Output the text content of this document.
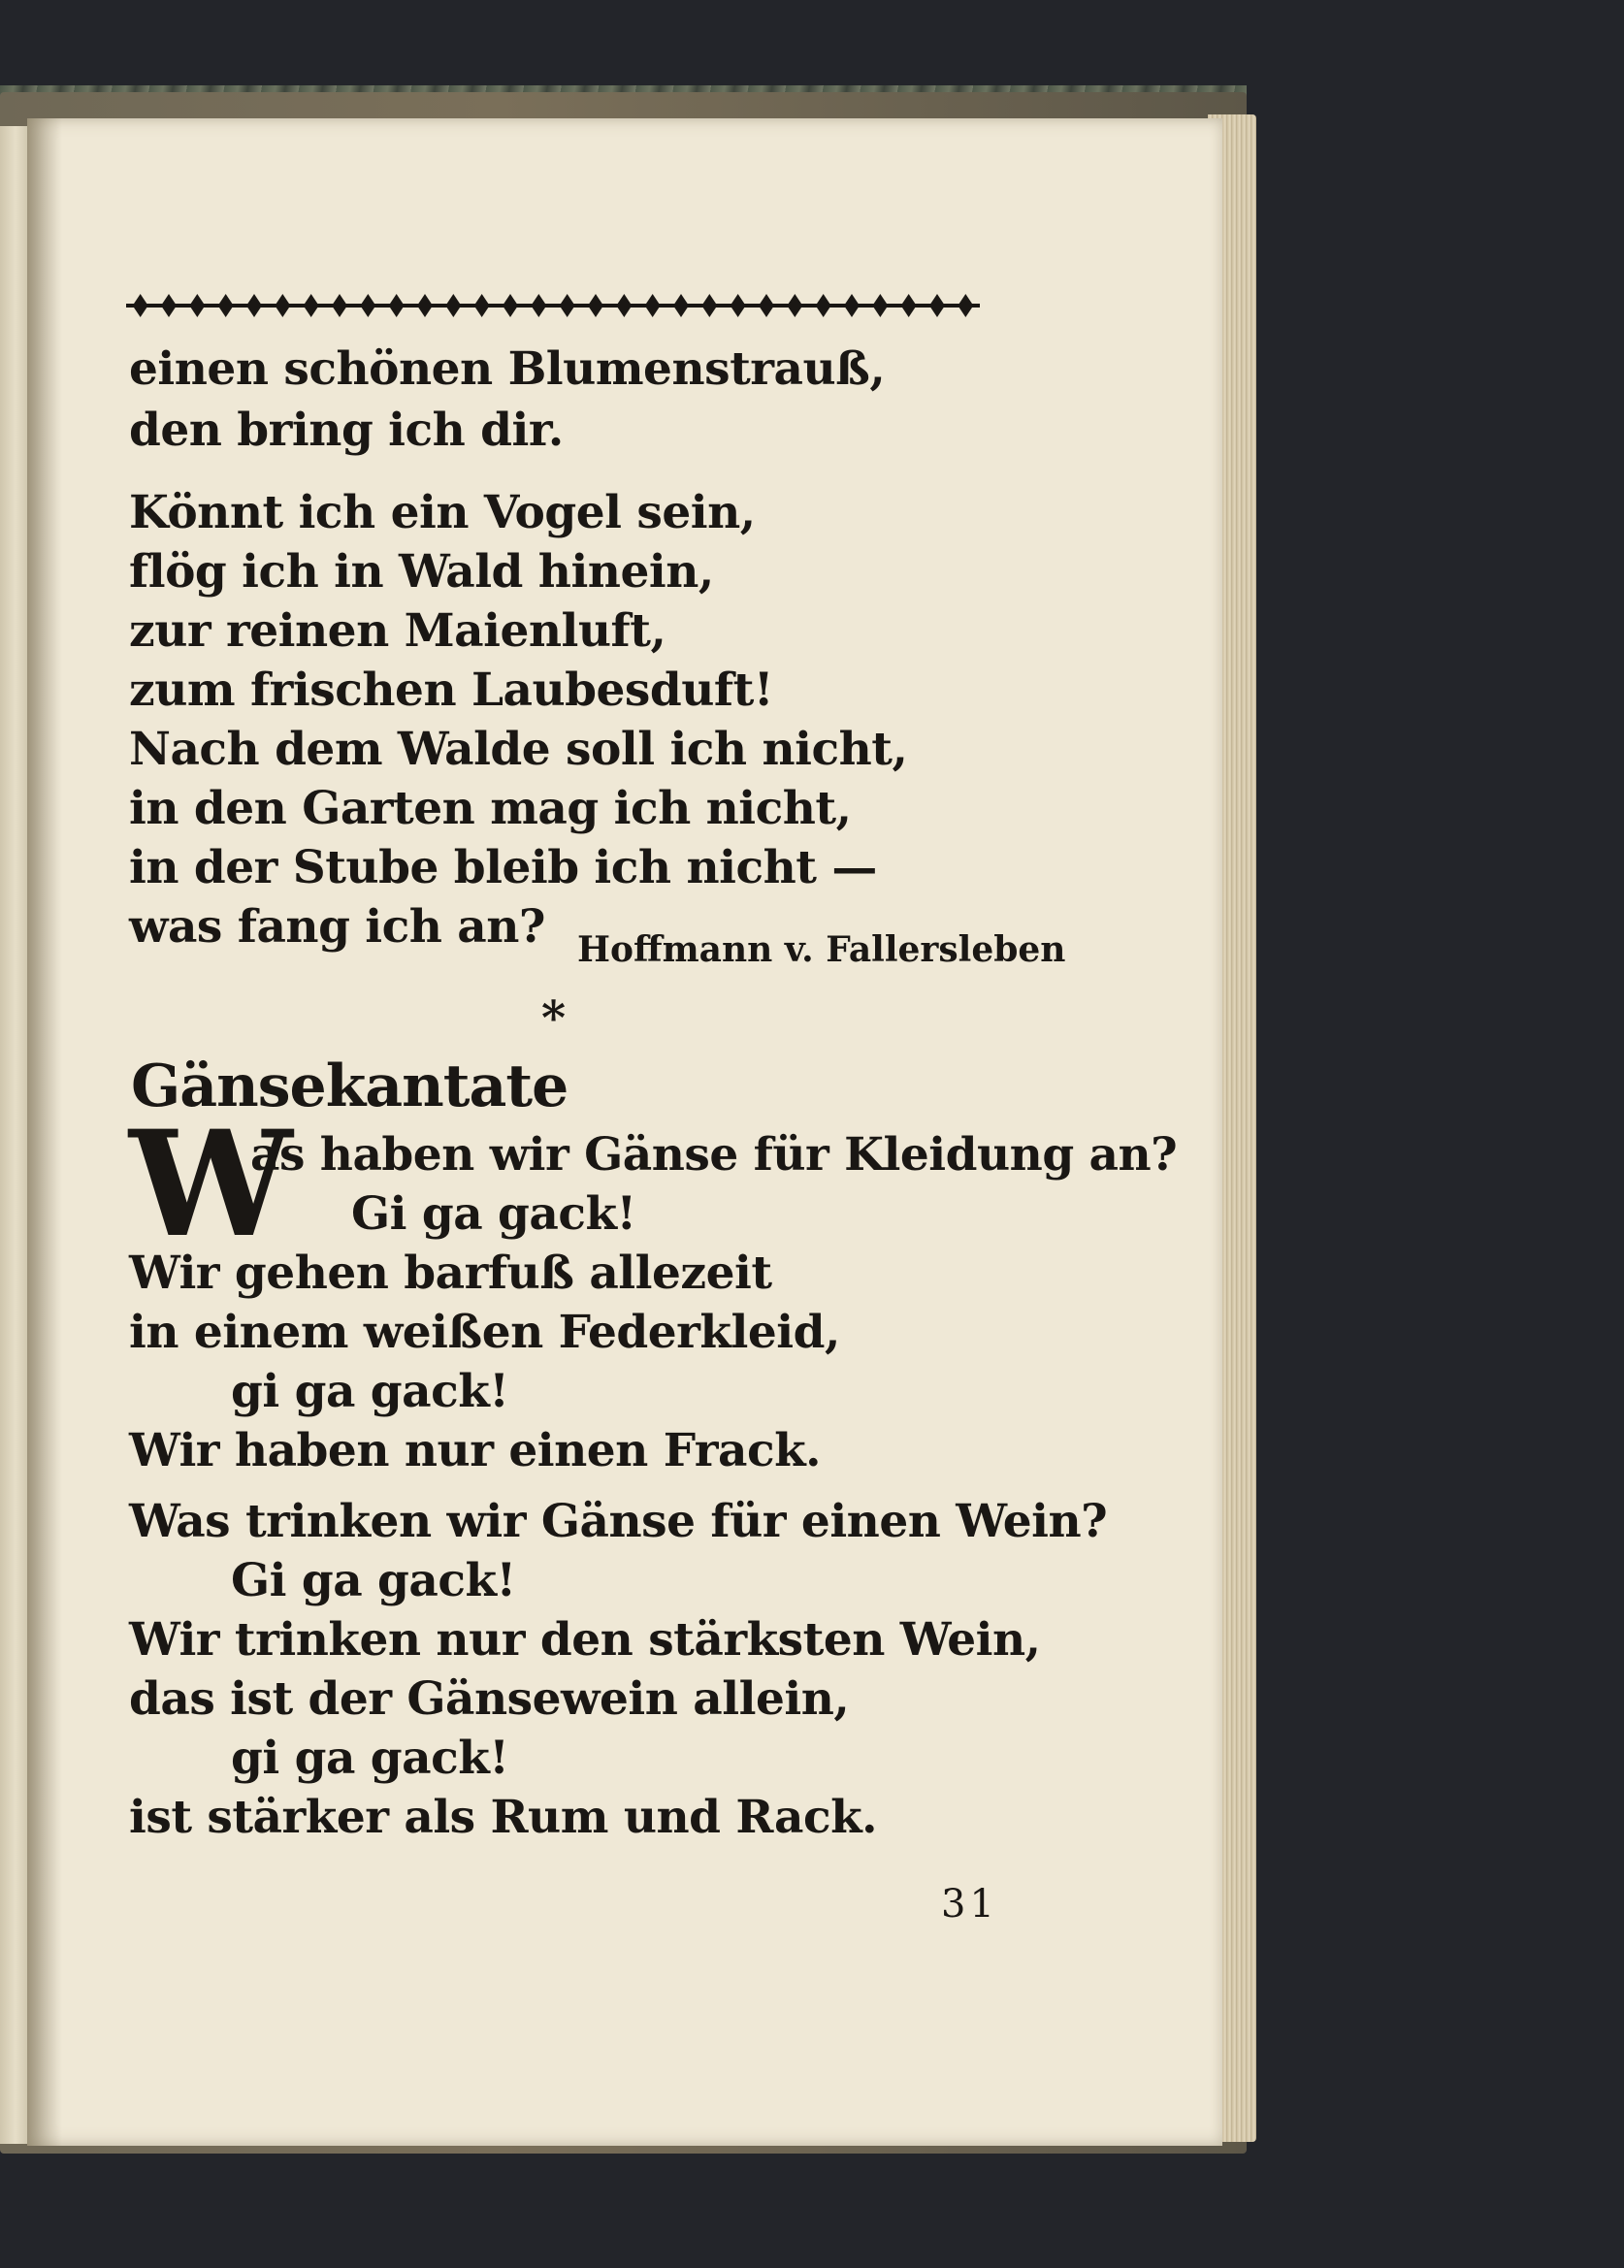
einen schönen Blumenstrauß,
den bring ich dir.
Könnt ich ein Vogel sein,
flög ich in Wald hinein,
zur reinen Maienluft,
zum frischen Laubesduft!
Nach dem Walde soll ich nicht,
in den Garten mag ich nicht,
in der Stube bleib ich nicht —
was fang ich an? Hoffmann v. Fallersleben
*
Gänsekantate
W
as haben wir Gänse für Kleidung an?
Gi ga gack!
Wir gehen barfuß allezeit
in einem weißen Federkleid,
gi ga gack!
Wir haben nur einen Frack.
Was trinken wir Gänse für einen Wein?
Gi ga gack!
Wir trinken nur den stärksten Wein,
das ist der Gänsewein allein,
gi ga gack!
ist stärker als Rum und Rack.
31
